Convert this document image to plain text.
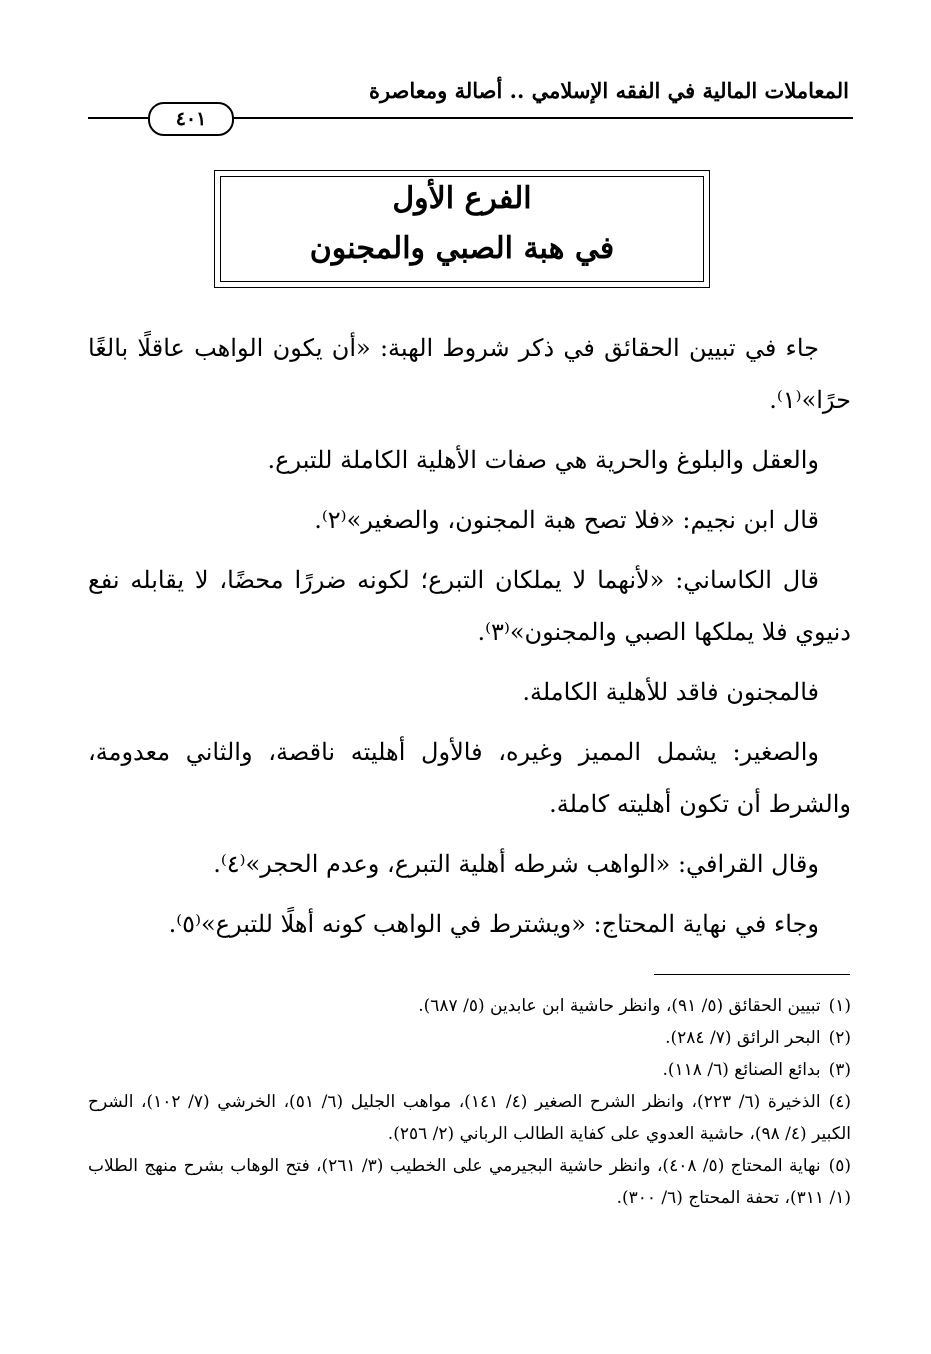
المعاملات المالية في الفقه الإسلامي .. أصالة ومعاصرة
٤٠١
الفرع الأول
في هبة الصبي والمجنون

جاء في تبيين الحقائق في ذكر شروط الهبة: «أن يكون الواهب عاقلًا بالغًا حرًا»⁽١⁾.

والعقل والبلوغ والحرية هي صفات الأهلية الكاملة للتبرع.

قال ابن نجيم: «فلا تصح هبة المجنون، والصغير»⁽٢⁾.

قال الكاساني: «لأنهما لا يملكان التبرع؛ لكونه ضررًا محضًا، لا يقابله نفع دنيوي فلا يملكها الصبي والمجنون»⁽٣⁾.

فالمجنون فاقد للأهلية الكاملة.

والصغير: يشمل المميز وغيره، فالأول أهليته ناقصة، والثاني معدومة، والشرط أن تكون أهليته كاملة.

وقال القرافي: «الواهب شرطه أهلية التبرع، وعدم الحجر»⁽٤⁾.

وجاء في نهاية المحتاج: «ويشترط في الواهب كونه أهلًا للتبرع»⁽٥⁾.

(١)تبيين الحقائق (٥/ ٩١)، وانظر حاشية ابن عابدين (٥/ ٦٨٧).

(٢)البحر الرائق (٧/ ٢٨٤).

(٣)بدائع الصنائع (٦/ ١١٨).

(٤)الذخيرة (٦/ ٢٢٣)، وانظر الشرح الصغير (٤/ ١٤١)، مواهب الجليل (٦/ ٥١)، الخرشي (٧/ ١٠٢)، الشرح الكبير (٤/ ٩٨)، حاشية العدوي على كفاية الطالب الرباني (٢/ ٢٥٦).

(٥)نهاية المحتاج (٥/ ٤٠٨)، وانظر حاشية البجيرمي على الخطيب (٣/ ٢٦١)، فتح الوهاب بشرح منهج الطلاب (١/ ٣١١)، تحفة المحتاج (٦/ ٣٠٠).
